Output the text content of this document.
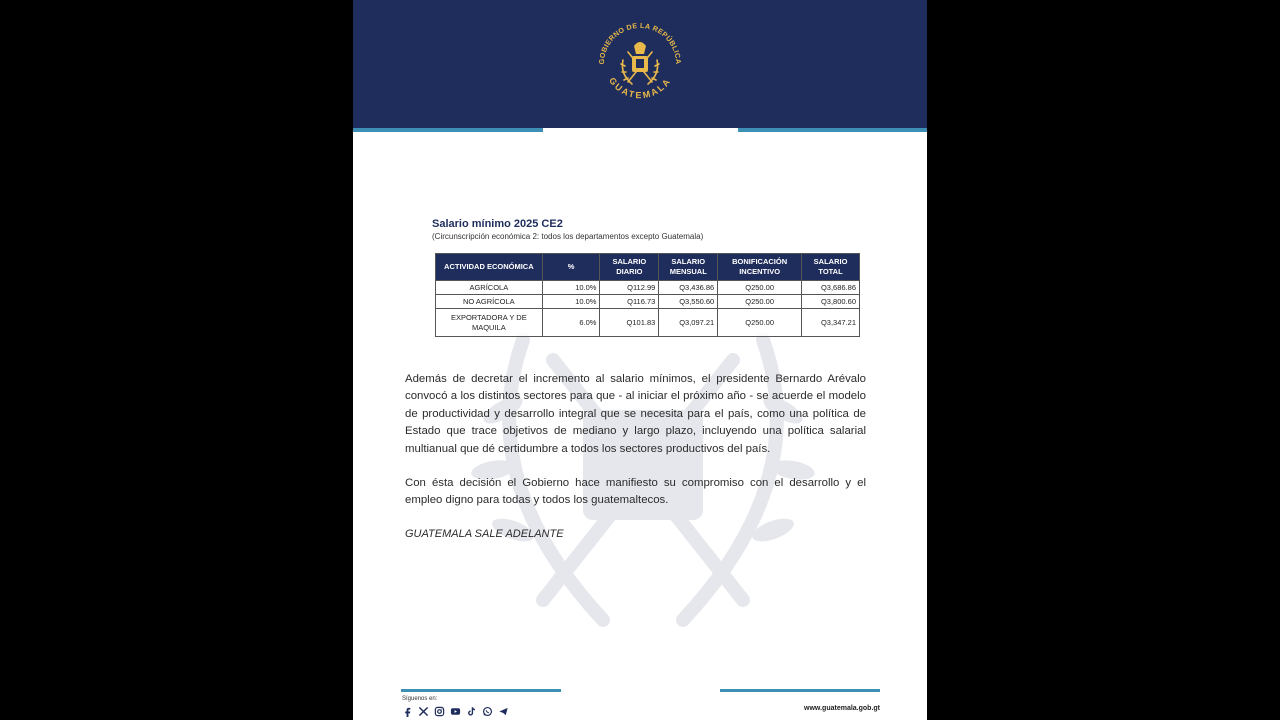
GOBIERNO DE LA REPÚBLICA
GUATEMALA
Salario mínimo 2025 CE2
(Circunscripción económica 2: todos los departamentos excepto Guatemala)
ACTIVIDAD ECONÓMICA	%	SALARIO DIARIO	SALARIO MENSUAL	BONIFICACIÓN INCENTIVO	SALARIO TOTAL
AGRÍCOLA	10.0%	Q112.99	Q3,436.86	Q250.00	Q3,686.86
NO AGRÍCOLA	10.0%	Q116.73	Q3,550.60	Q250.00	Q3,800.60
EXPORTADORA Y DE MAQUILA	6.0%	Q101.83	Q3,097.21	Q250.00	Q3,347.21

Además de decretar el incremento al salario mínimos, el presidente Bernardo Arévalo convocó a los distintos sectores para que - al iniciar el próximo año - se acuerde el modelo de productividad y desarrollo integral que se necesita para el país, como una política de Estado que trace objetivos de mediano y largo plazo, incluyendo una política salarial multianual que dé certidumbre a todos los sectores productivos del país.

Con ésta decisión el Gobierno hace manifiesto su compromiso con el desarrollo y el empleo digno para todas y todos los guatemaltecos.

GUATEMALA SALE ADELANTE
Síguenos en:
www.guatemala.gob.gt
